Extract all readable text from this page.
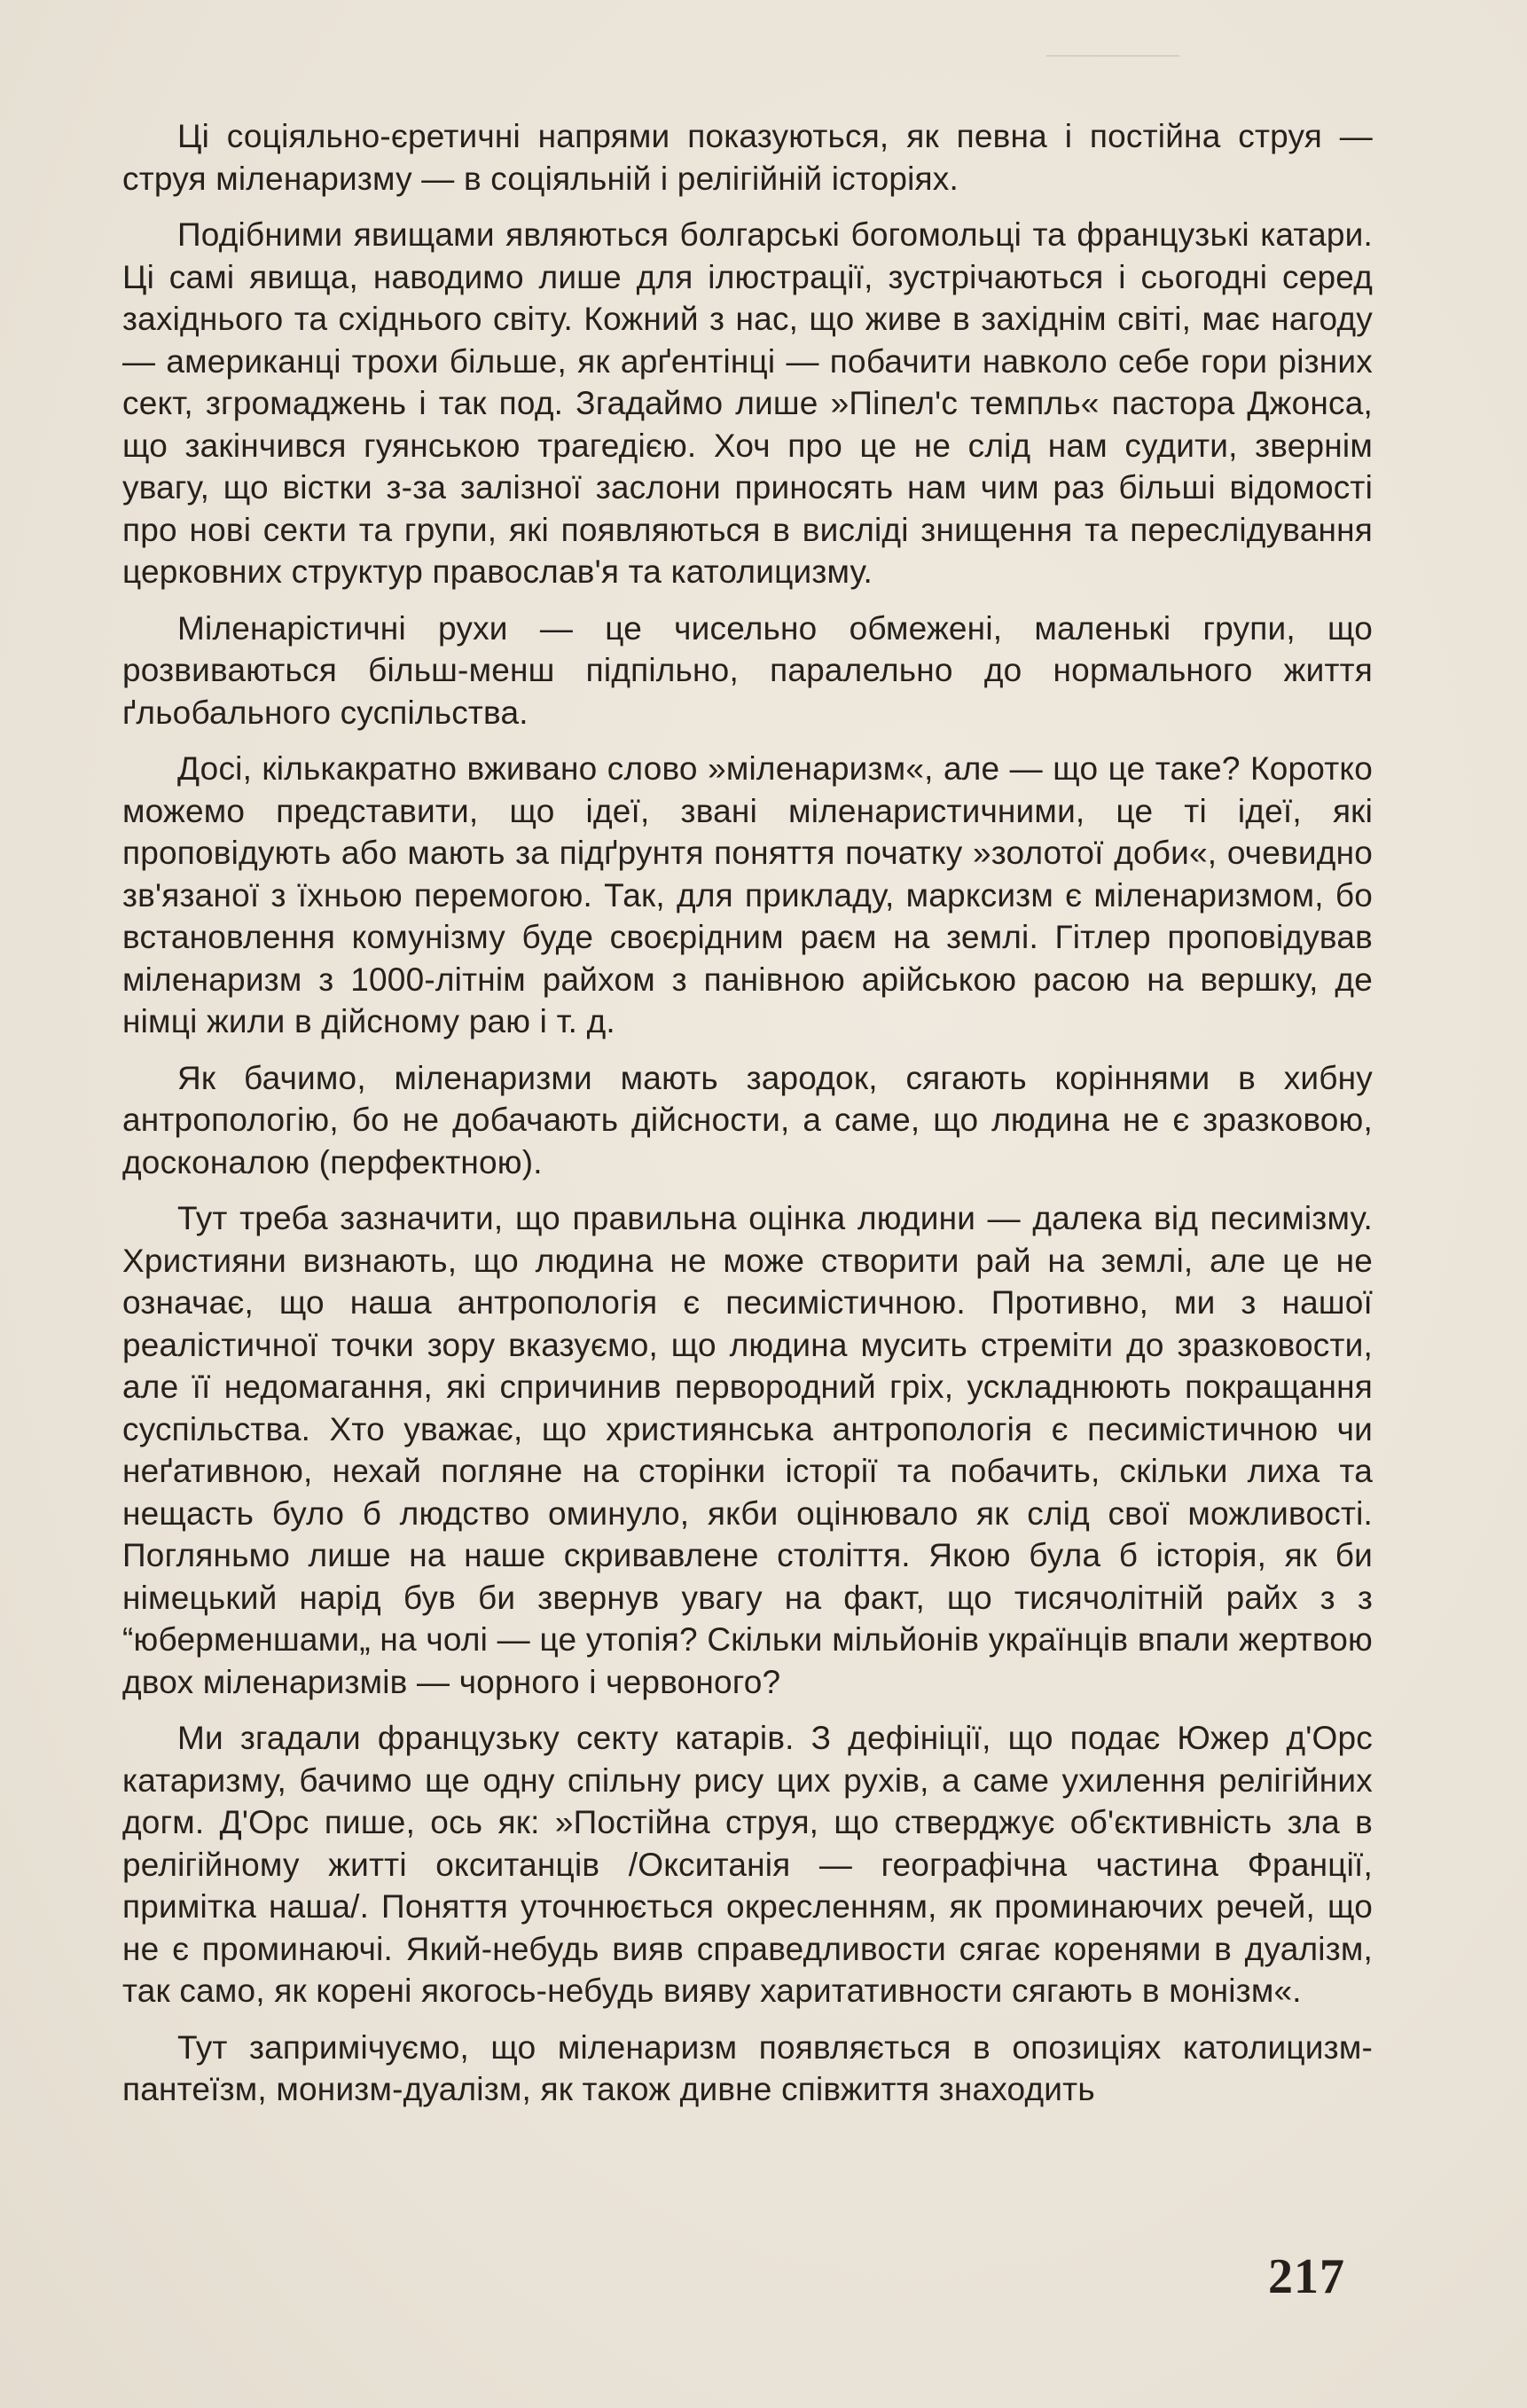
Ці соціяльно-єретичні напрями показуються, як певна і постійна струя — струя міленаризму — в соціяльній і релігійній історіях.

Подібними явищами являються болгарські богомольці та французькі катари. Ці самі явища, наводимо лише для ілюстрації, зустрічаються і сьогодні серед західнього та східнього світу. Кожний з нас, що живе в західнім світі, має нагоду — американці трохи більше, як арґентінці — побачити навколо себе гори різних сект, згромаджень і так под. Згадаймо лише »Піпел'с темпль« пастора Джонса, що закінчився гуянською трагедією. Хоч про це не слід нам судити, звернім увагу, що вістки з-за залізної заслони приносять нам чим раз більші відомості про нові секти та групи, які появляються в висліді знищення та переслідування церковних структур православ'я та католицизму.

Міленарістичні рухи — це чисельно обмежені, маленькі групи, що розвиваються більш-менш підпільно, паралельно до нормального життя ґльобального суспільства.

Досі, кількакратно вживано слово »міленаризм«, але — що це таке? Коротко можемо представити, що ідеї, звані міленаристичними, це ті ідеї, які проповідують або мають за підґрунтя поняття початку »золотої доби«, очевидно зв'язаної з їхньою перемогою. Так, для прикладу, марксизм є міленаризмом, бо встановлення комунізму буде своєрідним раєм на землі. Гітлер проповідував міленаризм з 1000-літнім райхом з панівною арійською расою на вершку, де німці жили в дійсному раю і т. д.

Як бачимо, міленаризми мають зародок, сягають коріннями в хибну антропологію, бо не добачають дійсности, а саме, що людина не є зразковою, досконалою (перфектною).

Тут треба зазначити, що правильна оцінка людини — далека від песимізму. Християни визнають, що людина не може створити рай на землі, але це не означає, що наша антропологія є песимістичною. Противно, ми з нашої реалістичної точки зору вказуємо, що людина мусить стреміти до зразковости, але її недомагання, які спричинив первородний гріх, ускладнюють покращання суспільства. Хто уважає, що християнська антропологія є песимістичною чи неґативною, нехай погляне на сторінки історії та побачить, скільки лиха та нещасть було б людство оминуло, якби оцінювало як слід свої можливості. Погляньмо лише на наше скривавлене століття. Якою була б історія, як би німецький нарід був би звернув увагу на факт, що тисячолітній райх з з “юберменшами„ на чолі — це утопія? Скільки мільйонів українців впали жертвою двох міленаризмів — чорного і червоного?

Ми згадали французьку секту катарів. З дефініції, що подає Южер д'Орс катаризму, бачимо ще одну спільну рису цих рухів, а саме ухилення релігійних догм. Д'Орс пише, ось як: »Постійна струя, що стверджує об'єктивність зла в релігійному житті окситанців /Окситанія — географічна частина Франції, примітка наша/. Поняття уточнюється окресленням, як проминаючих речей, що не є проминаючі. Який-небудь вияв справедливости сягає коренями в дуалізм, так само, як корені якогось-небудь вияву харитативности сягають в монізм«.

Тут запримічуємо, що міленаризм появляється в опозиціях католицизм-пантеїзм, монизм-дуалізм, як також дивне співжиття знаходить

217
